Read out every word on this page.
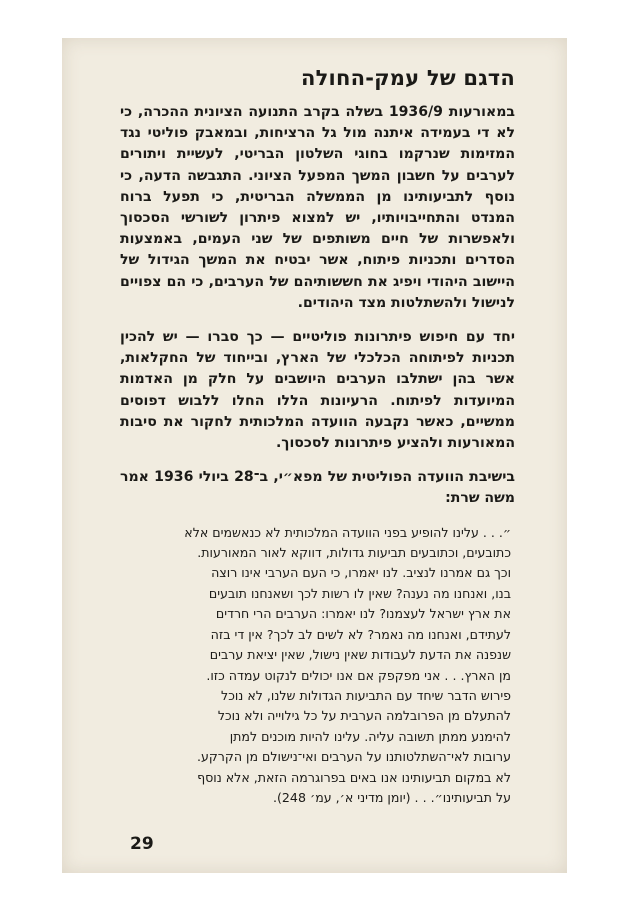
הדגם של עמק-החולה

במאורעות 1936/9 בשלה בקרב התנועה הציונית ההכרה, כי לא די בעמידה איתנה מול גל הרציחות, ובמאבק פוליטי נגד המזימות שנרקמו בחוגי השלטון הבריטי, לעשיית ויתורים לערבים על חשבון המשך המפעל הציוני. התגבשה הדעה, כי נוסף לתביעותינו מן הממשלה הבריטית, כי תפעל ברוח המנדט והתחייבויותיו, יש למצוא פיתרון לשורשי הסכסוך ולאפשרות של חיים משותפים של שני העמים, באמצעות הסדרים ותכניות פיתוח, אשר יבטיח את המשך הגידול של היישוב היהודי ויפיג את חששותיהם של הערבים, כי הם צפויים לנישול ולהשתלטות מצד היהודים.

יחד עם חיפוש פיתרונות פוליטיים — כך סברו — יש להכין תכניות לפיתוחה הכלכלי של הארץ, ובייחוד של החקלאות, אשר בהן ישתלבו הערבים היושבים על חלק מן האדמות המיועדות לפיתוח. הרעיונות הללו החלו ללבוש דפוסים ממשיים, כאשר נקבעה הוועדה המלכותית לחקור את סיבות המאורעות ולהציע פיתרונות לסכסוך.

בישיבת הוועדה הפוליטית של מפא״י, ב־28 ביולי 1936 אמר משה שרת:

״. . . עלינו להופיע בפני הוועדה המלכותית לא כנאשמים אלא
כתובעים, וכתובעים תביעות גדולות, דווקא לאור המאורעות.
וכך גם אמרנו לנציב. לנו יאמרו, כי העם הערבי אינו רוצה
בנו, ואנחנו מה נענה? שאין לו רשות לכך ושאנחנו תובעים
את ארץ ישראל לעצמנו? לנו יאמרו: הערבים הרי חרדים
לעתידם, ואנחנו מה נאמר? לא לשים לב לכך? אין די בזה
שנפנה את הדעת לעבודות שאין נישול, שאין יציאת ערבים
מן הארץ. . . אני מפקפק אם אנו יכולים לנקוט עמדה כזו.
פירוש הדבר שיחד עם התביעות הגדולות שלנו, לא נוכל
להתעלם מן הפרובלמה הערבית על כל גילוייה ולא נוכל
להימנע ממתן תשובה עליה. עלינו להיות מוכנים למתן
ערובות לאי־השתלטותנו על הערבים ואי־נישולם מן הקרקע.
לא במקום תביעותינו אנו באים בפרוגרמה הזאת, אלא נוסף
על תביעותינו״. . . (יומן מדיני א׳, עמ׳ 248).
29
